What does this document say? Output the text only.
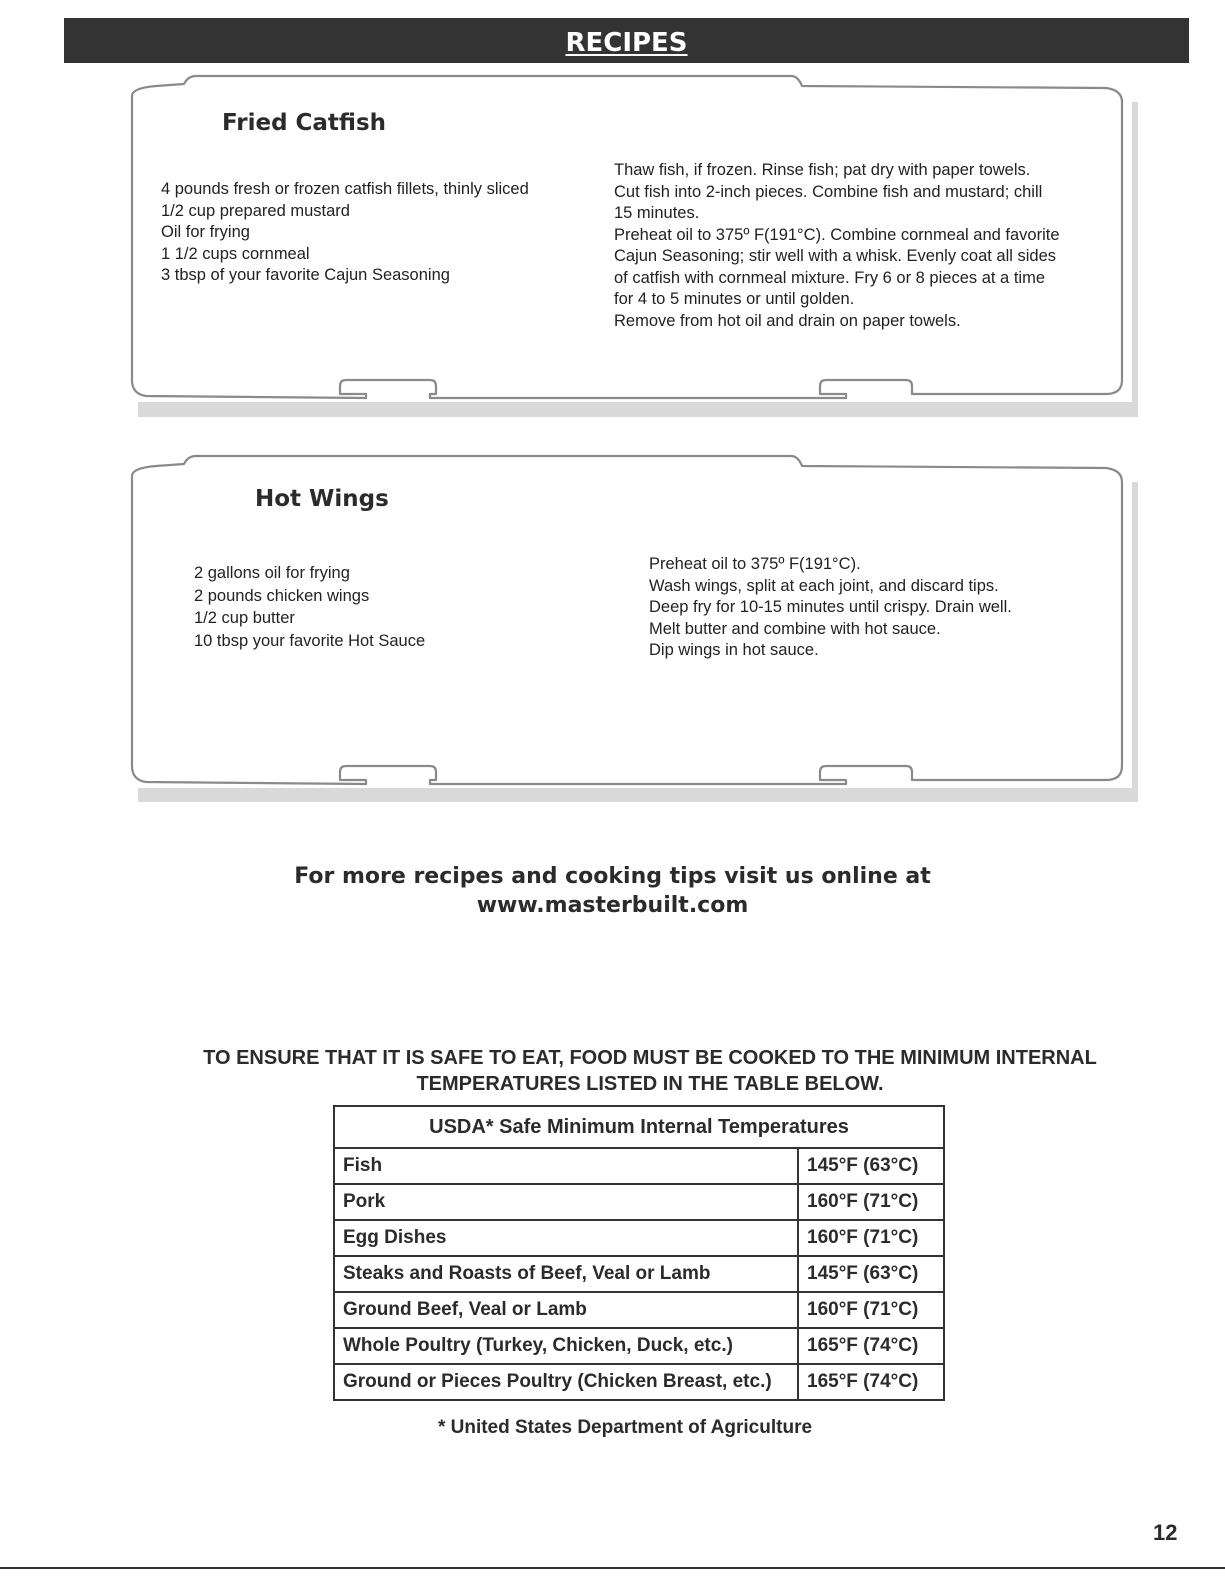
RECIPES
Fried Catfish
4 pounds fresh or frozen catfish fillets, thinly sliced
1/2 cup prepared mustard
Oil for frying
1 1/2 cups cornmeal
3 tbsp of your favorite Cajun Seasoning

Thaw fish, if frozen. Rinse fish; pat dry with paper towels.

Cut fish into 2-inch pieces. Combine fish and mustard; chill

15 minutes.

Preheat oil to 375º F(191°C). Combine cornmeal and favorite

Cajun Seasoning; stir well with a whisk. Evenly coat all sides

of catfish with cornmeal mixture. Fry 6 or 8 pieces at a time

for 4 to 5 minutes or until golden.

Remove from hot oil and drain on paper towels.

Hot Wings
2 gallons oil for frying
2 pounds chicken wings
1/2 cup butter
10 tbsp your favorite Hot Sauce

Preheat oil to 375º F(191°C).

Wash wings, split at each joint, and discard tips.

Deep fry for 10-15 minutes until crispy. Drain well.

Melt butter and combine with hot sauce.

Dip wings in hot sauce.

For more recipes and cooking tips visit us online at
www.masterbuilt.com
TO ENSURE THAT IT IS SAFE TO EAT, FOOD MUST BE COOKED TO THE MINIMUM INTERNAL
TEMPERATURES LISTED IN THE TABLE BELOW.
USDA* Safe Minimum Internal Temperatures	
Fish	145°F (63°C)
Pork	160°F (71°C)
Egg Dishes	160°F (71°C)
Steaks and Roasts of Beef, Veal or Lamb	145°F (63°C)
Ground Beef, Veal or Lamb	160°F (71°C)
Whole Poultry (Turkey, Chicken, Duck, etc.)	165°F (74°C)
Ground or Pieces Poultry (Chicken Breast, etc.)	165°F (74°C)
* United States Department of Agriculture
12
